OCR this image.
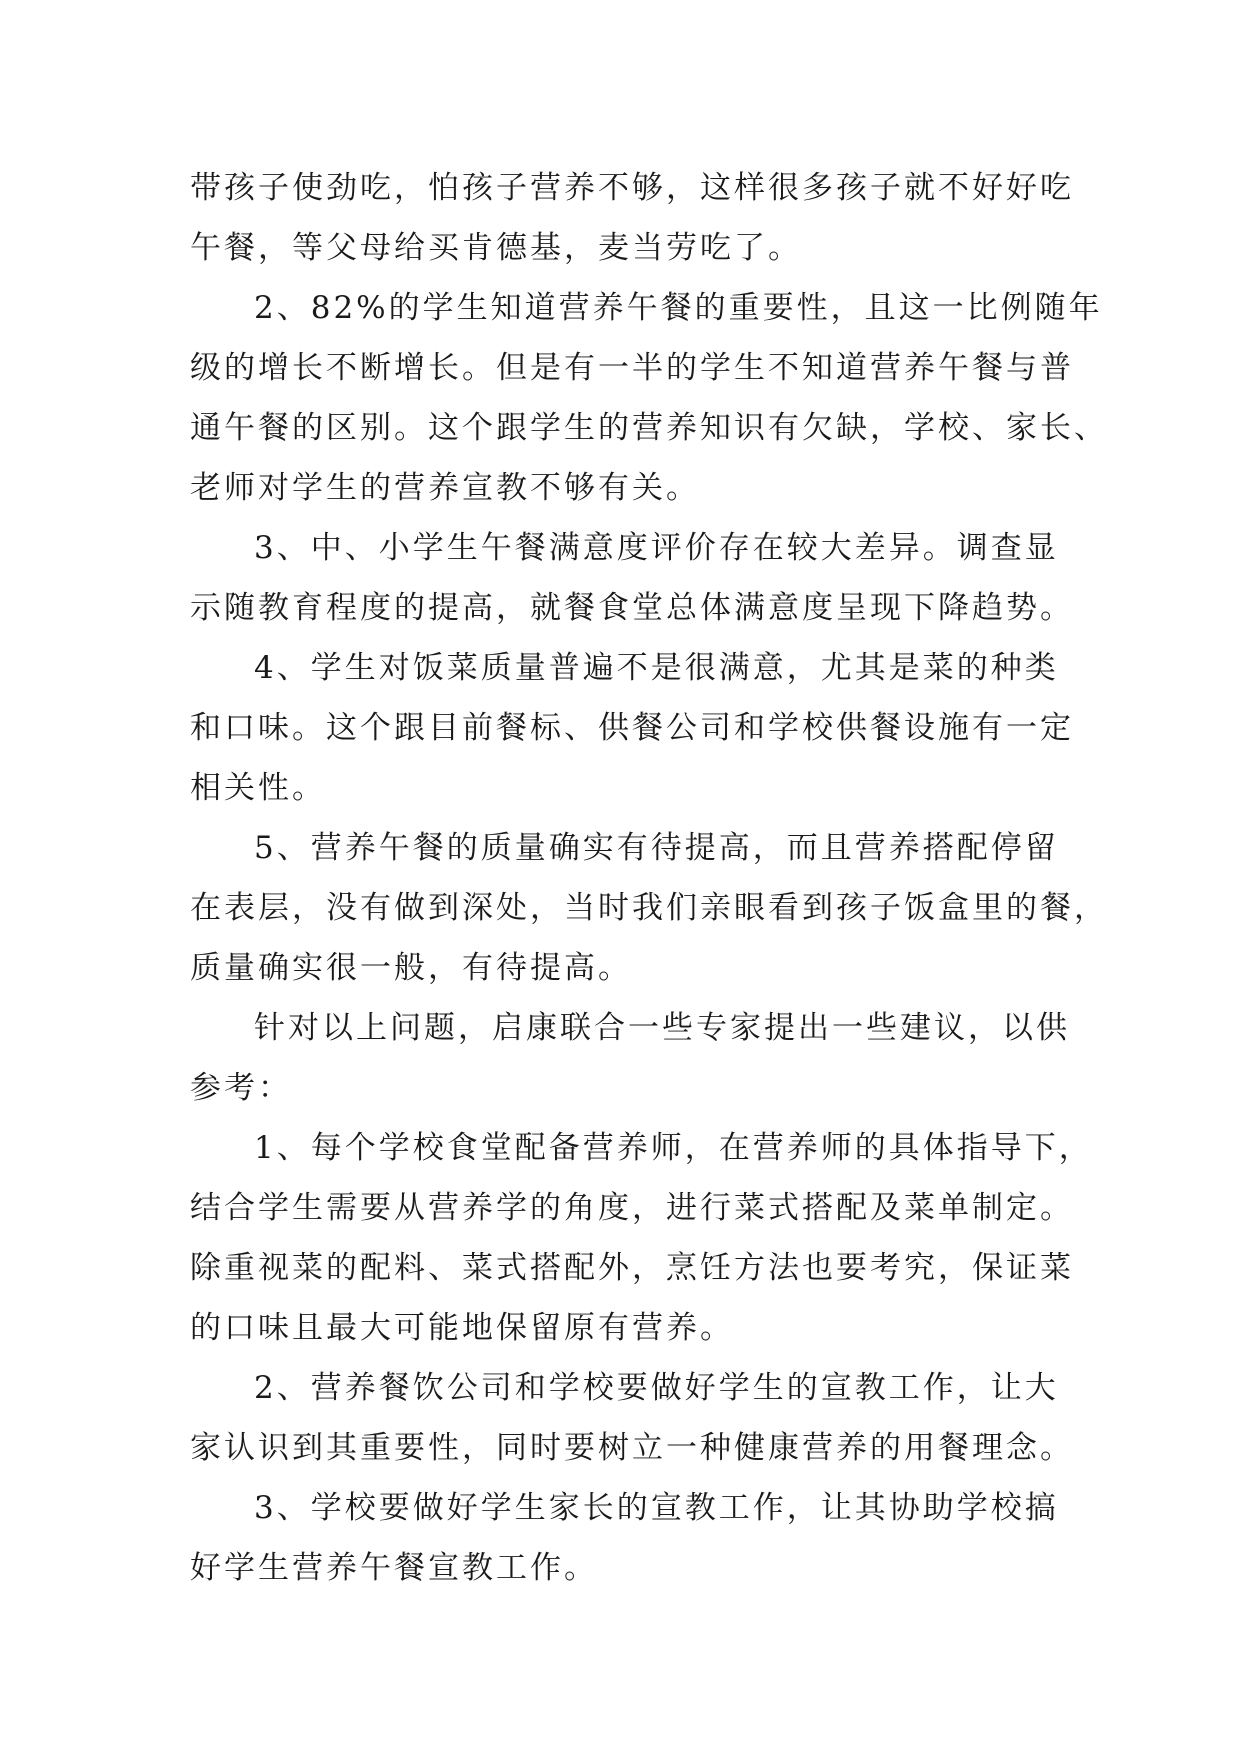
带孩子使劲吃，怕孩子营养不够，这样很多孩子就不好好吃
午餐，等父母给买肯德基，麦当劳吃了。
2、82%的学生知道营养午餐的重要性，且这一比例随年
级的增长不断增长。但是有一半的学生不知道营养午餐与普
通午餐的区别。这个跟学生的营养知识有欠缺，学校、家长、
老师对学生的营养宣教不够有关。
3、中、小学生午餐满意度评价存在较大差异。调查显
示随教育程度的提高，就餐食堂总体满意度呈现下降趋势。
4、学生对饭菜质量普遍不是很满意，尤其是菜的种类
和口味。这个跟目前餐标、供餐公司和学校供餐设施有一定
相关性。
5、营养午餐的质量确实有待提高，而且营养搭配停留
在表层，没有做到深处，当时我们亲眼看到孩子饭盒里的餐，
质量确实很一般，有待提高。
针对以上问题，启康联合一些专家提出一些建议，以供
参考：
1、每个学校食堂配备营养师，在营养师的具体指导下，
结合学生需要从营养学的角度，进行菜式搭配及菜单制定。
除重视菜的配料、菜式搭配外，烹饪方法也要考究，保证菜
的口味且最大可能地保留原有营养。
2、营养餐饮公司和学校要做好学生的宣教工作，让大
家认识到其重要性，同时要树立一种健康营养的用餐理念。
3、学校要做好学生家长的宣教工作，让其协助学校搞
好学生营养午餐宣教工作。
